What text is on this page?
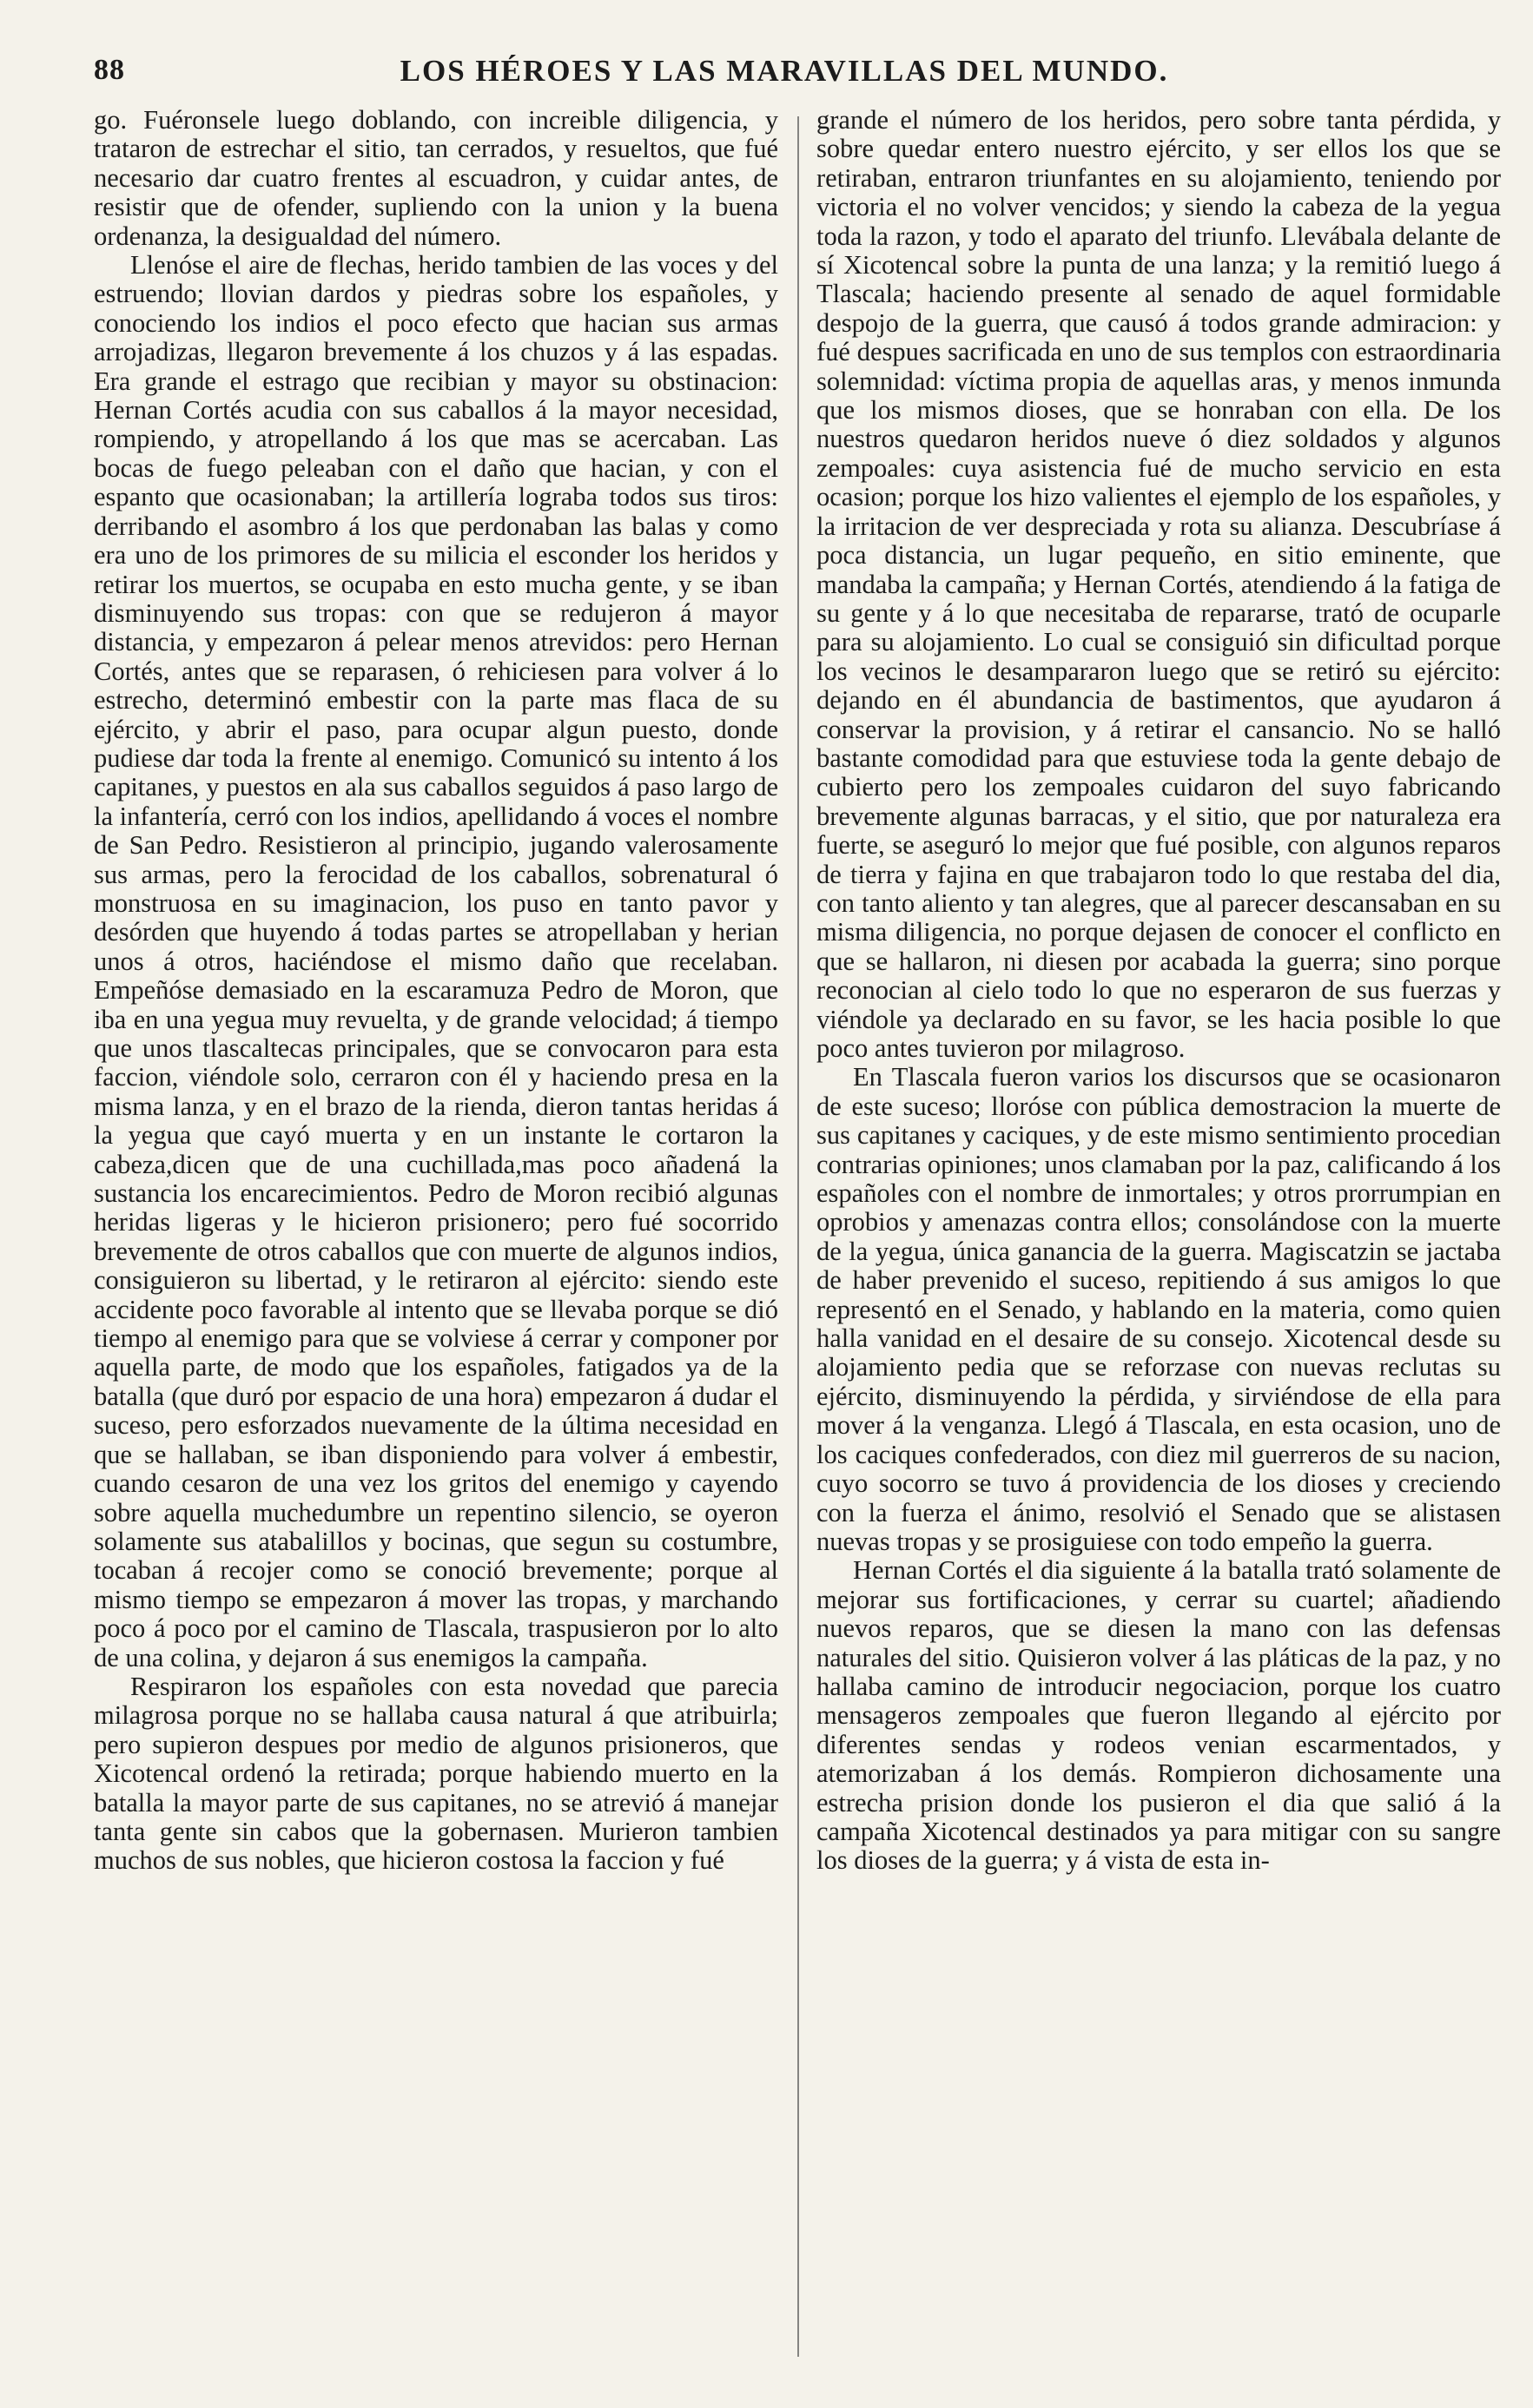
88	LOS HÉROES Y LAS MARAVILLAS DEL MUNDO.

go. Fuéronsele luego doblando, con increible diligencia, y trataron de estrechar el sitio, tan cerrados, y resueltos, que fué necesario dar cuatro frentes al escuadron, y cuidar antes, de resistir que de ofender, supliendo con la union y la buena ordenanza, la desigualdad del número.

Llenóse el aire de flechas, herido tambien de las voces y del estruendo; llovian dardos y piedras sobre los españoles, y conociendo los indios el poco efecto que hacian sus armas arrojadizas, llegaron brevemente á los chuzos y á las espadas. Era grande el estrago que recibian y mayor su obstinacion: Hernan Cortés acudia con sus caballos á la mayor necesidad, rompiendo, y atropellando á los que mas se acercaban. Las bocas de fuego peleaban con el daño que hacian, y con el espanto que ocasionaban; la artillería lograba todos sus tiros: derribando el asombro á los que perdonaban las balas y como era uno de los primores de su milicia el esconder los heridos y retirar los muertos, se ocupaba en esto mucha gente, y se iban disminuyendo sus tropas: con que se redujeron á mayor distancia, y empezaron á pelear menos atrevidos: pero Hernan Cortés, antes que se reparasen, ó rehiciesen para volver á lo estrecho, determinó embestir con la parte mas flaca de su ejército, y abrir el paso, para ocupar algun puesto, donde pudiese dar toda la frente al enemigo. Comunicó su intento á los capitanes, y puestos en ala sus caballos seguidos á paso largo de la infantería, cerró con los indios, apellidando á voces el nombre de San Pedro. Resistieron al principio, jugando valerosamente sus armas, pero la ferocidad de los caballos, sobrenatural ó monstruosa en su imaginacion, los puso en tanto pavor y desórden que huyendo á todas partes se atropellaban y herian unos á otros, haciéndose el mismo daño que recelaban. Empeñóse demasiado en la escaramuza Pedro de Moron, que iba en una yegua muy revuelta, y de grande velocidad; á tiempo que unos tlascaltecas principales, que se convocaron para esta faccion, viéndole solo, cerraron con él y haciendo presa en la misma lanza, y en el brazo de la rienda, dieron tantas heridas á la yegua que cayó muerta y en un instante le cortaron la cabeza,dicen que de una cuchillada,mas poco añadená la sustancia los encarecimientos. Pedro de Moron recibió algunas heridas ligeras y le hicieron prisionero; pero fué socorrido brevemente de otros caballos que con muerte de algunos indios, consiguieron su libertad, y le retiraron al ejército: siendo este accidente poco favorable al intento que se llevaba porque se dió tiempo al enemigo para que se volviese á cerrar y componer por aquella parte, de modo que los españoles, fatigados ya de la batalla (que duró por espacio de una hora) empezaron á dudar el suceso, pero esforzados nuevamente de la última necesidad en que se hallaban, se iban disponiendo para volver á embestir, cuando cesaron de una vez los gritos del enemigo y cayendo sobre aquella muchedumbre un repentino silencio, se oyeron solamente sus atabalillos y bocinas, que segun su costumbre, tocaban á recojer como se conoció brevemente; porque al mismo tiempo se empezaron á mover las tropas, y marchando poco á poco por el camino de Tlascala, traspusieron por lo alto de una colina, y dejaron á sus enemigos la campaña.

Respiraron los españoles con esta novedad que parecia milagrosa porque no se hallaba causa natural á que atribuirla; pero supieron despues por medio de algunos prisioneros, que Xicotencal ordenó la retirada; porque habiendo muerto en la batalla la mayor parte de sus capitanes, no se atrevió á manejar tanta gente sin cabos que la gobernasen. Murieron tambien muchos de sus nobles, que hicieron costosa la faccion y fué

grande el número de los heridos, pero sobre tanta pérdida, y sobre quedar entero nuestro ejército, y ser ellos los que se retiraban, entraron triunfantes en su alojamiento, teniendo por victoria el no volver vencidos; y siendo la cabeza de la yegua toda la razon, y todo el aparato del triunfo. Llevábala delante de sí Xicotencal sobre la punta de una lanza; y la remitió luego á Tlascala; haciendo presente al senado de aquel formidable despojo de la guerra, que causó á todos grande admiracion: y fué despues sacrificada en uno de sus templos con estraordinaria solemnidad: víctima propia de aquellas aras, y menos inmunda que los mismos dioses, que se honraban con ella. De los nuestros quedaron heridos nueve ó diez soldados y algunos zempoales: cuya asistencia fué de mucho servicio en esta ocasion; porque los hizo valientes el ejemplo de los españoles, y la irritacion de ver despreciada y rota su alianza. Descubríase á poca distancia, un lugar pequeño, en sitio eminente, que mandaba la campaña; y Hernan Cortés, atendiendo á la fatiga de su gente y á lo que necesitaba de repararse, trató de ocuparle para su alojamiento. Lo cual se consiguió sin dificultad porque los vecinos le desampararon luego que se retiró su ejército: dejando en él abundancia de bastimentos, que ayudaron á conservar la provision, y á retirar el cansancio. No se halló bastante comodidad para que estuviese toda la gente debajo de cubierto pero los zempoales cuidaron del suyo fabricando brevemente algunas barracas, y el sitio, que por naturaleza era fuerte, se aseguró lo mejor que fué posible, con algunos reparos de tierra y fajina en que trabajaron todo lo que restaba del dia, con tanto aliento y tan alegres, que al parecer descansaban en su misma diligencia, no porque dejasen de conocer el conflicto en que se hallaron, ni diesen por acabada la guerra; sino porque reconocian al cielo todo lo que no esperaron de sus fuerzas y viéndole ya declarado en su favor, se les hacia posible lo que poco antes tuvieron por milagroso.

En Tlascala fueron varios los discursos que se ocasionaron de este suceso; lloróse con pública demostracion la muerte de sus capitanes y caciques, y de este mismo sentimiento procedian contrarias opiniones; unos clamaban por la paz, calificando á los españoles con el nombre de inmortales; y otros prorrumpian en oprobios y amenazas contra ellos; consolándose con la muerte de la yegua, única ganancia de la guerra. Magiscatzin se jactaba de haber prevenido el suceso, repitiendo á sus amigos lo que representó en el Senado, y hablando en la materia, como quien halla vanidad en el desaire de su consejo. Xicotencal desde su alojamiento pedia que se reforzase con nuevas reclutas su ejército, disminuyendo la pérdida, y sirviéndose de ella para mover á la venganza. Llegó á Tlascala, en esta ocasion, uno de los caciques confederados, con diez mil guerreros de su nacion, cuyo socorro se tuvo á providencia de los dioses y creciendo con la fuerza el ánimo, resolvió el Senado que se alistasen nuevas tropas y se prosiguiese con todo empeño la guerra.

Hernan Cortés el dia siguiente á la batalla trató solamente de mejorar sus fortificaciones, y cerrar su cuartel; añadiendo nuevos reparos, que se diesen la mano con las defensas naturales del sitio. Quisieron volver á las pláticas de la paz, y no hallaba camino de introducir negociacion, porque los cuatro mensageros zempoales que fueron llegando al ejército por diferentes sendas y rodeos venian escarmentados, y atemorizaban á los demás. Rompieron dichosamente una estrecha prision donde los pusieron el dia que salió á la campaña Xicotencal destinados ya para mitigar con su sangre los dioses de la guerra; y á vista de esta in-
